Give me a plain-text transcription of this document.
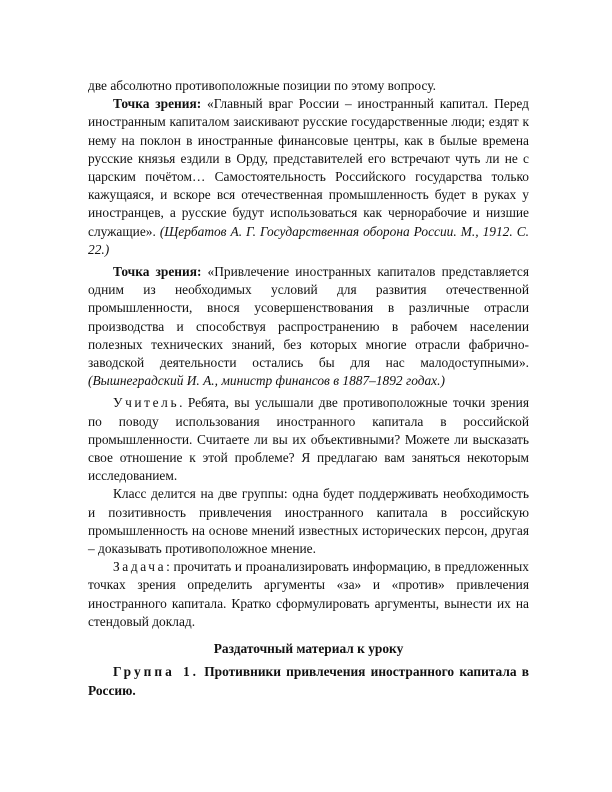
две абсолютно противоположные позиции по этому вопросу.

Точка зрения: «Главный враг России – иностранный капитал. Перед иностранным капиталом заискивают русские государственные люди; ездят к нему на поклон в иностранные финансовые центры, как в былые времена русские князья ездили в Орду, представителей его встречают чуть ли не с царским почётом… Самостоятельность Российского государства только кажущаяся, и вскоре вся отечественная промышленность будет в руках у иностранцев, а русские будут использоваться как чернорабочие и низшие служащие». (Щербатов А. Г. Государственная оборона России. М., 1912. С. 22.)

Точка зрения: «Привлечение иностранных капиталов представляется одним из необходимых условий для развития отечественной промышленности, внося усовершенствования в различные отрасли производства и способствуя распространению в рабочем населении полезных технических знаний, без которых многие отрасли фабрично-заводской деятельности остались бы для нас малодоступными». (Вышнеградский И. А., министр финансов в 1887–1892 годах.)

Учитель. Ребята, вы услышали две противоположные точки зрения по поводу использования иностранного капитала в российской промышленности. Считаете ли вы их объективными? Можете ли высказать свое отношение к этой проблеме? Я предлагаю вам заняться некоторым исследованием.

Класс делится на две группы: одна будет поддерживать необходимость и позитивность привлечения иностранного капитала в российскую промышленность на основе мнений известных исторических персон, другая – доказывать противоположное мнение.

Задача: прочитать и проанализировать информацию, в предложенных точках зрения определить аргументы «за» и «против» привлечения иностранного капитала. Кратко сформулировать аргументы, вынести их на стендовый доклад.

Раздаточный материал к уроку

Группа 1. Противники привлечения иностранного капитала в Россию.
